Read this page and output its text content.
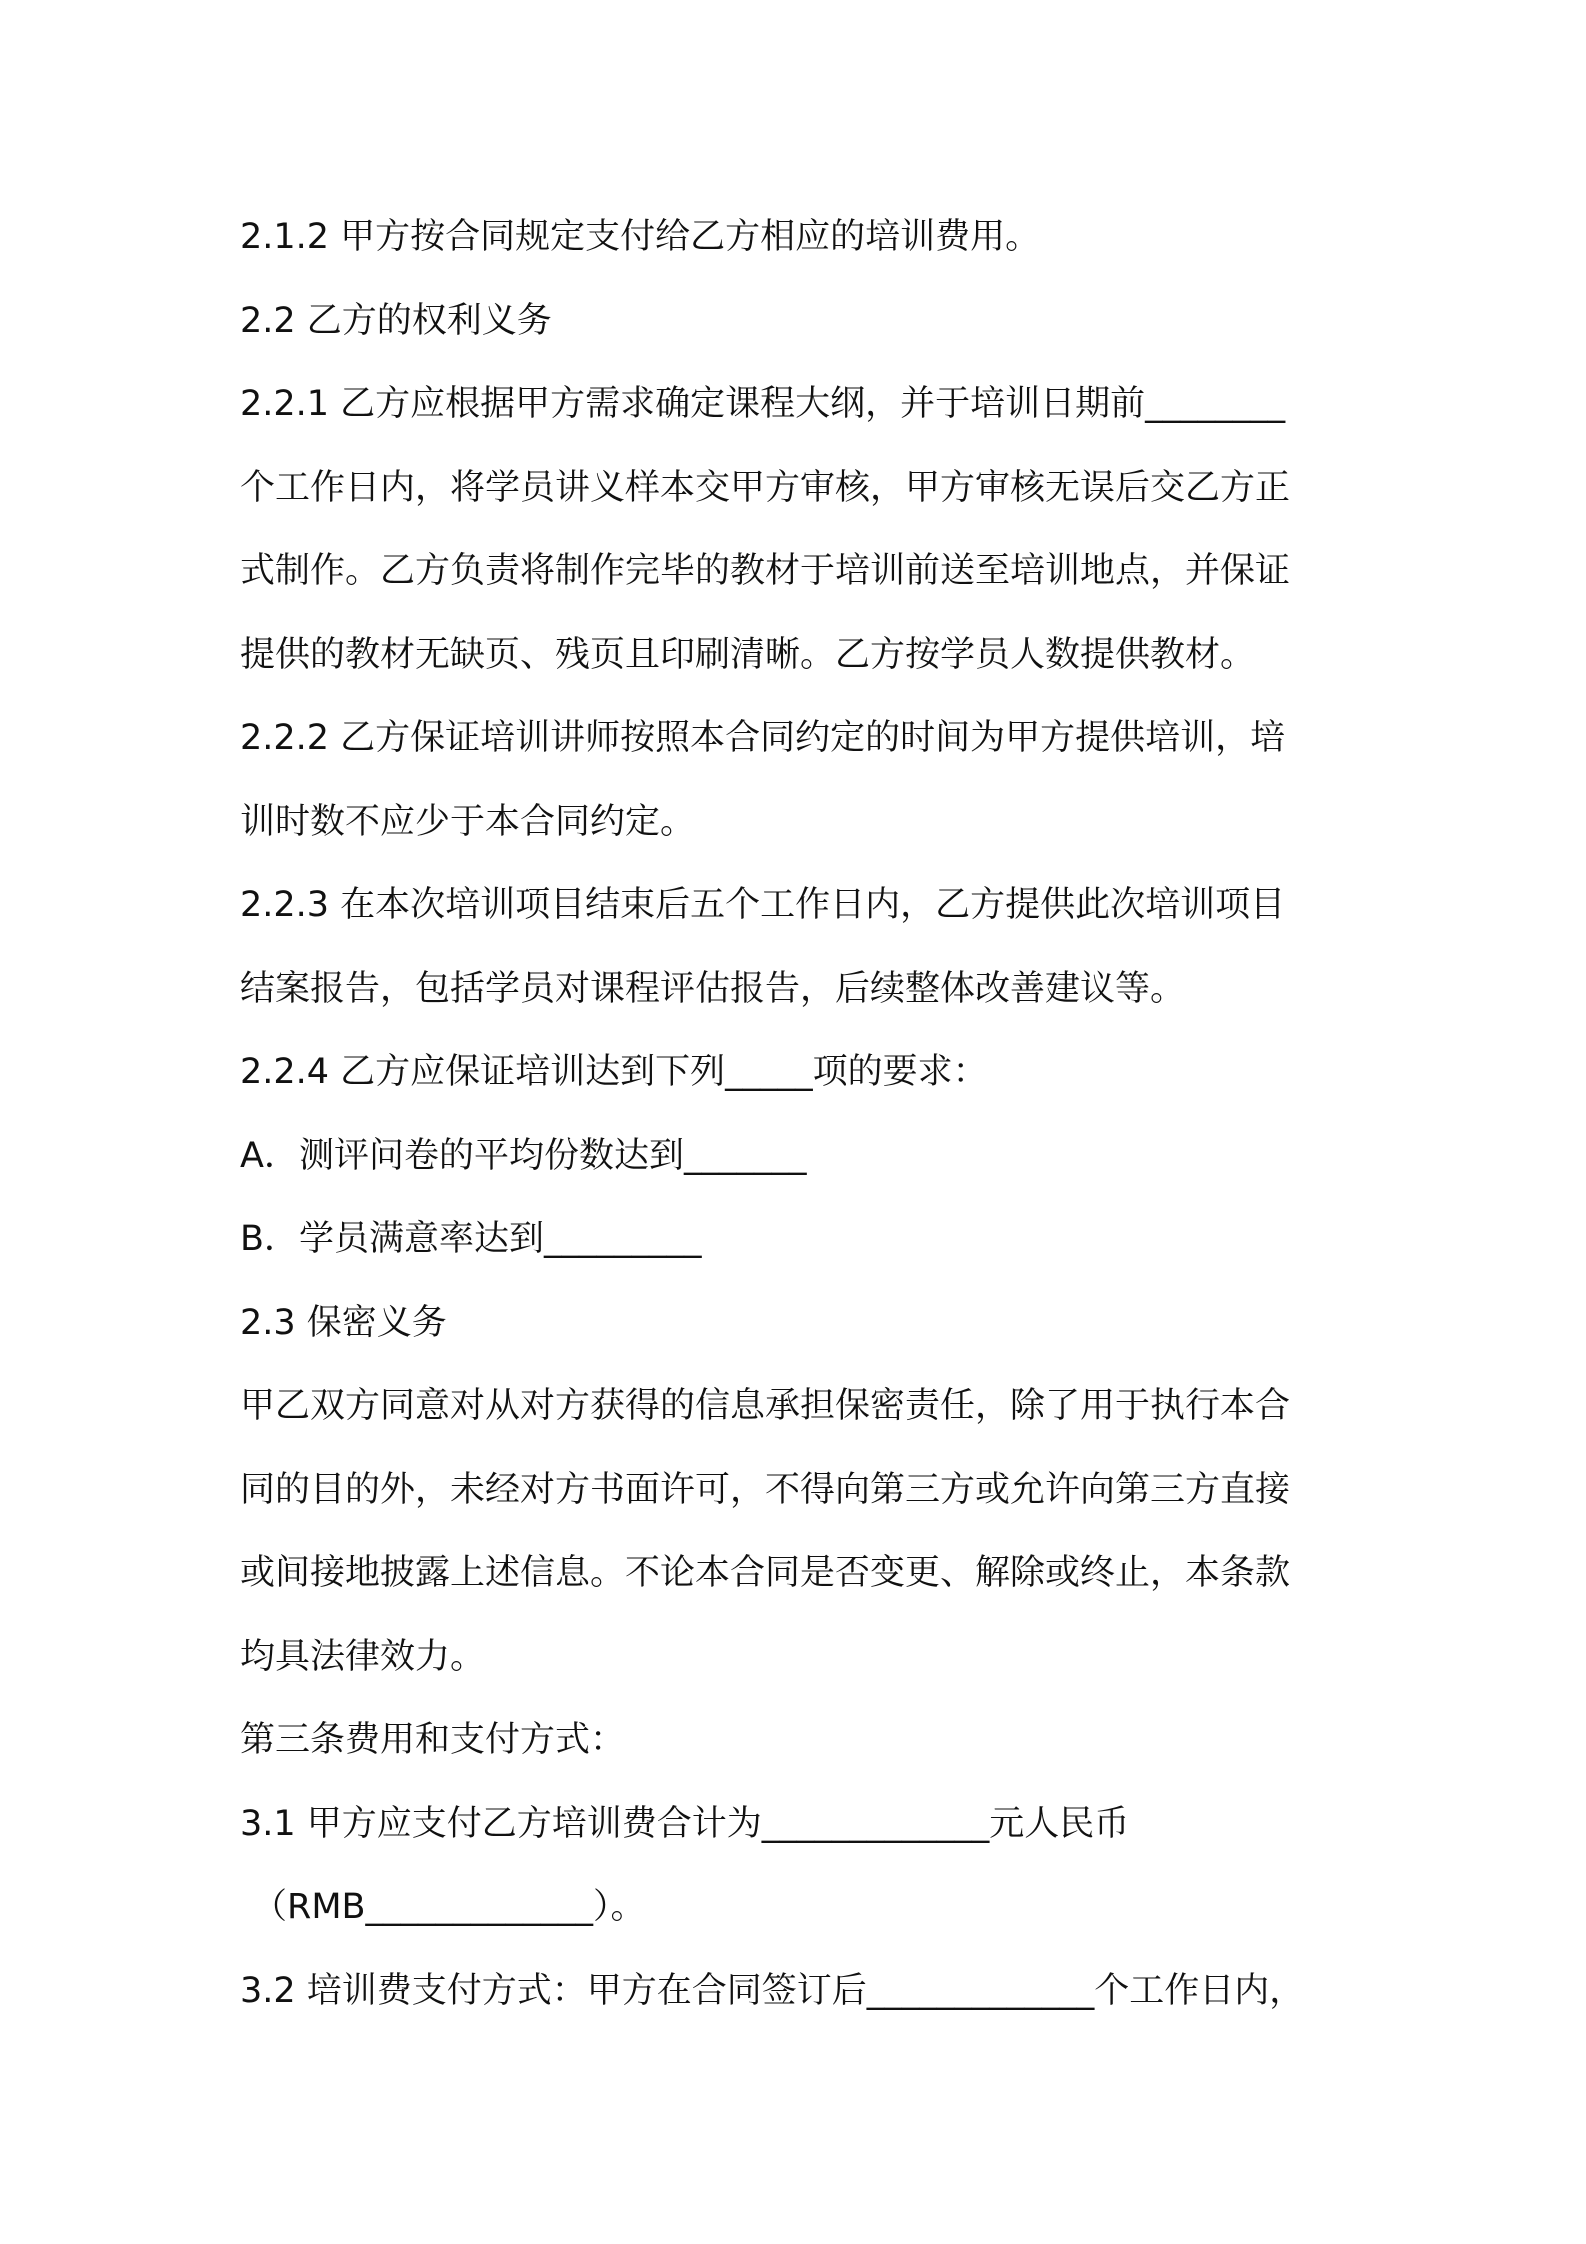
2.1.2 甲方按合同规定支付给乙方相应的培训费用。

2.2 乙方的权利义务

2.2.1 乙方应根据甲方需求确定课程大纲，并于培训日期前________

个工作日内，将学员讲义样本交甲方审核，甲方审核无误后交乙方正

式制作。乙方负责将制作完毕的教材于培训前送至培训地点，并保证

提供的教材无缺页、残页且印刷清晰。乙方按学员人数提供教材。

2.2.2 乙方保证培训讲师按照本合同约定的时间为甲方提供培训，培

训时数不应少于本合同约定。

2.2.3 在本次培训项目结束后五个工作日内，乙方提供此次培训项目

结案报告，包括学员对课程评估报告，后续整体改善建议等。

2.2.4 乙方应保证培训达到下列_____项的要求：

A．测评问卷的平均份数达到_______

B．学员满意率达到_________

2.3 保密义务

甲乙双方同意对从对方获得的信息承担保密责任，除了用于执行本合

同的目的外，未经对方书面许可，不得向第三方或允许向第三方直接

或间接地披露上述信息。不论本合同是否变更、解除或终止，本条款

均具法律效力。

第三条费用和支付方式：

3.1 甲方应支付乙方培训费合计为_____________元人民币

（RMB_____________）。

3.2 培训费支付方式：甲方在合同签订后_____________个工作日内，
